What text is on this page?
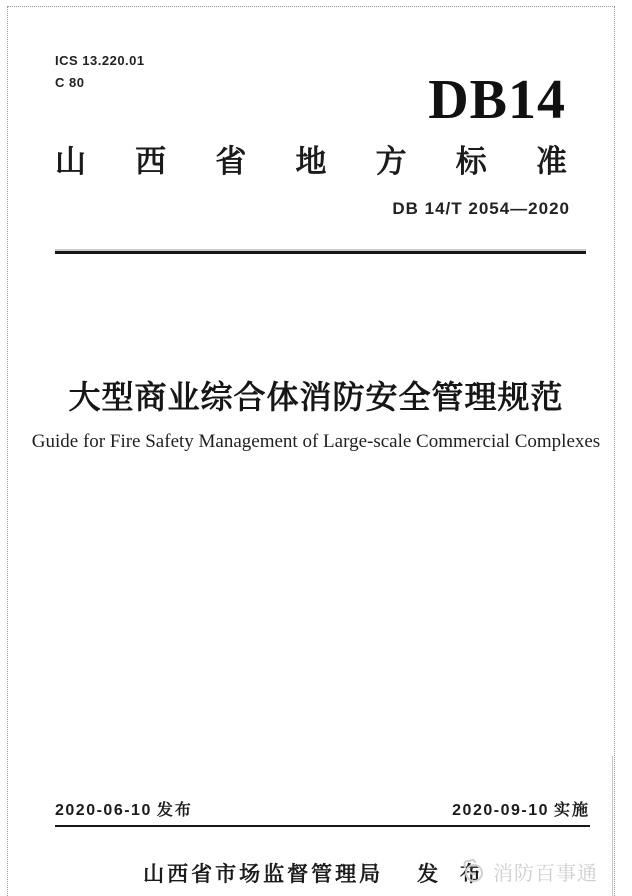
ICS 13.220.01
C 80	DB14
山 西 省 地 方 标 准
DB 14/T 2054—2020
大型商业综合体消防安全管理规范
Guide for Fire Safety Management of Large-scale Commercial Complexes
2020-06-10 发布	2020-09-10 实施
山西省市场监督管理局 发 布 消防百事通
